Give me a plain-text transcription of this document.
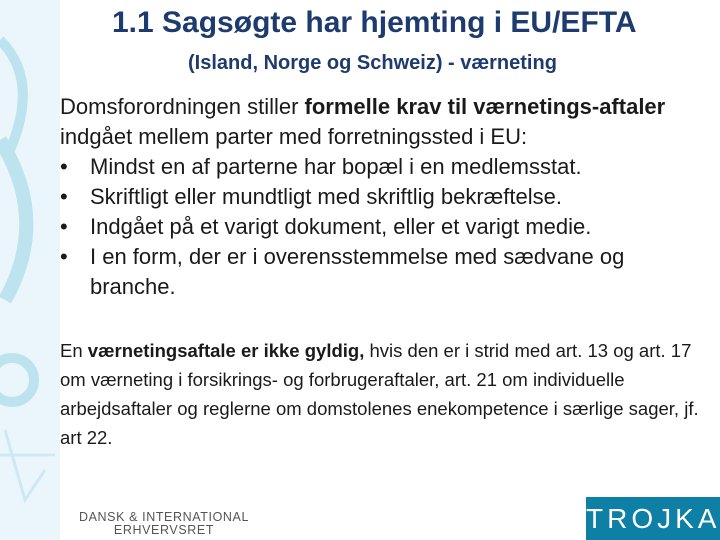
1.1 Sagsøgte har hjemting i EU/EFTA
(Island, Norge og Schweiz) - værneting

Domsforordningen stiller formelle krav til værnetings-aftaler indgået mellem parter med forretningssted i EU:

• Mindst en af parterne har bopæl i en medlemsstat.
• Skriftligt eller mundtligt med skriftlig bekræftelse.
• Indgået på et varigt dokument, eller et varigt medie.
• I en form, der er i overensstemmelse med sædvane og branche.

En værnetingsaftale er ikke gyldig, hvis den er i strid med art. 13 og art. 17 om værneting i forsikrings- og forbrugeraftaler, art. 21 om individuelle arbejdsaftaler og reglerne om domstolenes enekompetence i særlige sager, jf. art 22.

DANSK & INTERNATIONAL
ERHVERVSRET	TROJKA
